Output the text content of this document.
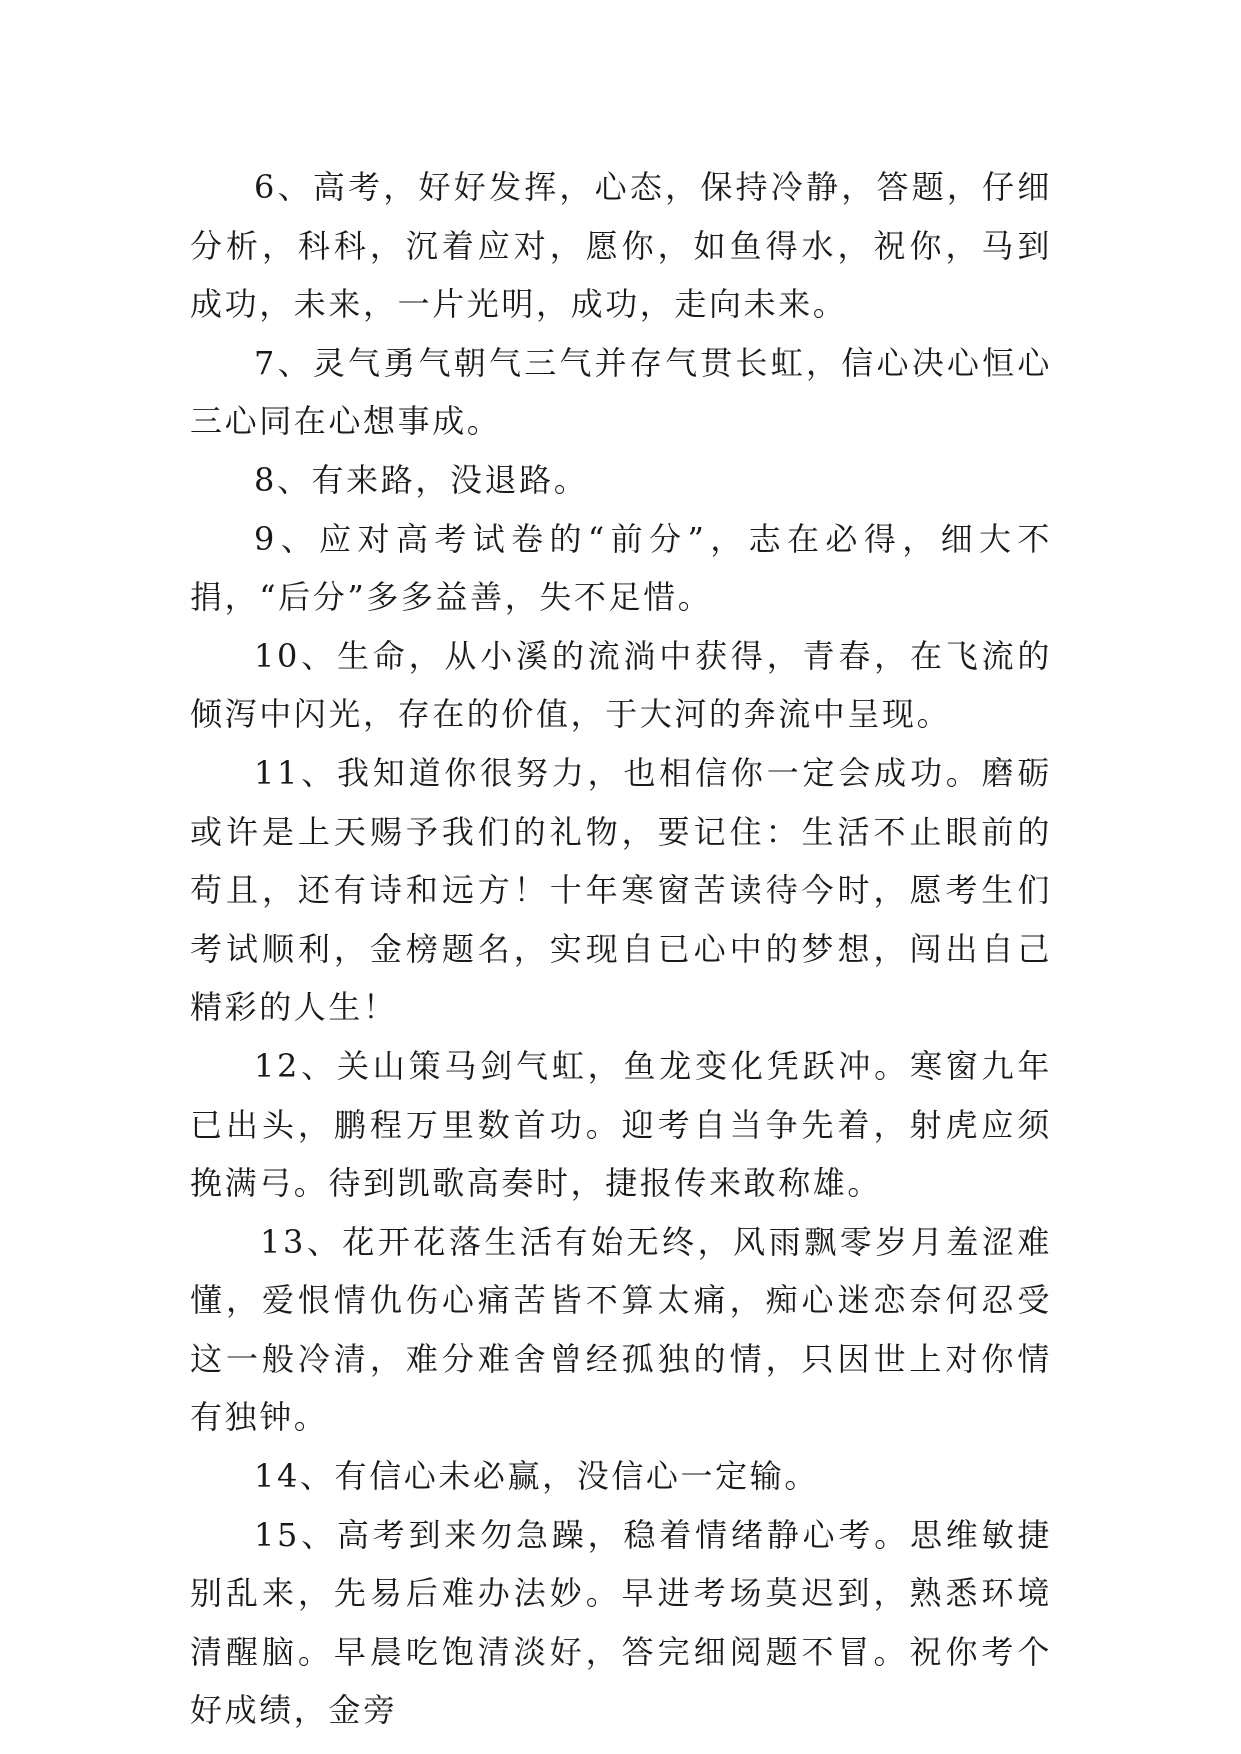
6、高考，好好发挥，心态，保持冷静，答题，仔细分析，科科，沉着应对，愿你，如鱼得水，祝你，马到成功，未来，一片光明，成功，走向未来。

7、灵气勇气朝气三气并存气贯长虹，信心决心恒心三心同在心想事成。

8、有来路，没退路。

9、应对高考试卷的“前分”，志在必得，细大不捐，“后分”多多益善，失不足惜。

10、生命，从小溪的流淌中获得，青春，在飞流的倾泻中闪光，存在的价值，于大河的奔流中呈现。

11、我知道你很努力，也相信你一定会成功。磨砺或许是上天赐予我们的礼物，要记住：生活不止眼前的苟且，还有诗和远方！十年寒窗苦读待今时，愿考生们考试顺利，金榜题名，实现自已心中的梦想，闯出自己精彩的人生！

12、关山策马剑气虹，鱼龙变化凭跃冲。寒窗九年已出头，鹏程万里数首功。迎考自当争先着，射虎应须挽满弓。待到凯歌高奏时，捷报传来敢称雄。

13、花开花落生活有始无终，风雨飘零岁月羞涩难懂，爱恨情仇伤心痛苦皆不算太痛，痴心迷恋奈何忍受这一般冷清，难分难舍曾经孤独的情，只因世上对你情有独钟。

14、有信心未必赢，没信心一定输。

15、高考到来勿急躁，稳着情绪静心考。思维敏捷别乱来，先易后难办法妙。早进考场莫迟到，熟悉环境清醒脑。早晨吃饱清淡好，答完细阅题不冒。祝你考个好成绩，金旁
